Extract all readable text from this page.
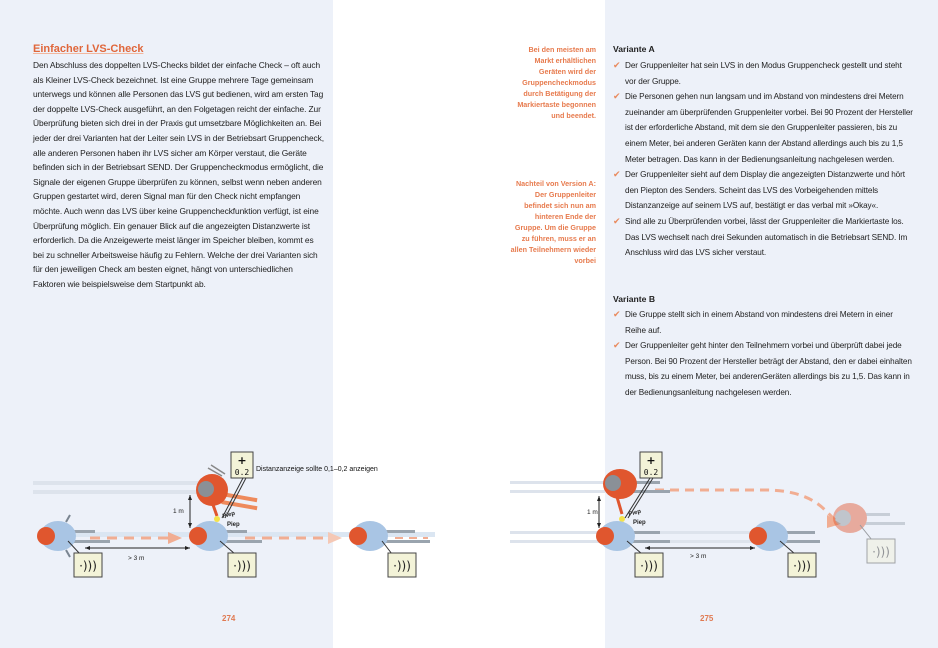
Einfacher LVS-Check
Den Abschluss des doppelten LVS-Checks bildet der einfache Check – oft auch als Kleiner LVS-Check bezeichnet. Ist eine Gruppe mehrere Tage gemeinsam unterwegs und können alle Personen das LVS gut bedienen, wird am ersten Tag der doppelte LVS-Check ausgeführt, an den Folgetagen reicht der einfache. Zur Überprüfung bieten sich drei in der Praxis gut umsetzbare Möglichkeiten an. Bei jeder der drei Varianten hat der Leiter sein LVS in der Betriebsart Gruppencheck, alle anderen Personen haben ihr LVS sicher am Körper verstaut, die Geräte befinden sich in der Betriebsart SEND. Der Gruppencheckmodus ermöglicht, die Signale der eigenen Gruppe überprüfen zu können, selbst wenn neben anderen Gruppen gestartet wird, deren Signal man für den Check nicht empfangen möchte. Auch wenn das LVS über keine Gruppencheckfunktion verfügt, ist eine Überprüfung möglich. Ein genauer Blick auf die angezeigten Distanzwerte ist erforderlich. Da die Anzeigewerte meist länger im Speicher bleiben, kommt es bei zu schneller Arbeitsweise häufig zu Fehlern. Welche der drei Varianten sich für den jeweiligen Check am besten eignet, hängt von unterschiedlichen Faktoren wie beispielsweise dem Startpunkt ab.
Bei den meisten am Markt erhältlichen Geräten wird der Gruppencheckmodus durch Betätigung der Markiertaste begonnen und beendet.
Nachteil von Version A: Der Gruppenleiter befindet sich nun am hinteren Ende der Gruppe. Um die Gruppe zu führen, muss er an allen Teilnehmern wieder vorbei
Variante A
✔ Der Gruppenleiter hat sein LVS in den Modus Gruppencheck gestellt und steht vor der Gruppe.
✔ Die Personen gehen nun langsam und im Abstand von mindestens drei Metern zueinander am überprüfenden Gruppenleiter vorbei. Bei 90 Prozent der Hersteller ist der erforderliche Abstand, mit dem sie den Gruppenleiter passieren, bis zu einem Meter, bei anderen Geräten kann der Abstand allerdings auch bis zu 1,5 Meter betragen. Das kann in der Bedienungsanleitung nachgelesen werden.
✔ Der Gruppenleiter sieht auf dem Display die angezeigten Distanzwerte und hört den Piepton des Senders. Scheint das LVS des Vorbeigehenden mittels Distanzanzeige auf seinem LVS auf, bestätigt er das verbal mit »Okay«.
✔ Sind alle zu Überprüfenden vorbei, lässt der Gruppenleiter die Markiertaste los. Das LVS wechselt nach drei Sekunden automatisch in die Betriebsart SEND. Im Anschluss wird das LVS sicher verstaut.
Variante B
✔ Die Gruppe stellt sich in einem Abstand von mindestens drei Metern in einer Reihe auf.
✔ Der Gruppenleiter geht hinter den Teilnehmern vorbei und überprüft dabei jede Person. Bei 90 Prozent der Hersteller beträgt der Abstand, den er dabei einhalten muss, bis zu einem Meter, bei anderenGeräten allerdings bis zu 1,5. Das kann in der Bedienungsanleitung nachgelesen werden.
·)))
> 3 m
1 m	Piep
Piep
+
0.2
·)))	·)))
Distanzanzeige sollte 0,1–0,2 anzeigen
Piep
Piep
+
0.2
1 m
·)))
> 3 m
·)))
·)))
274	275
